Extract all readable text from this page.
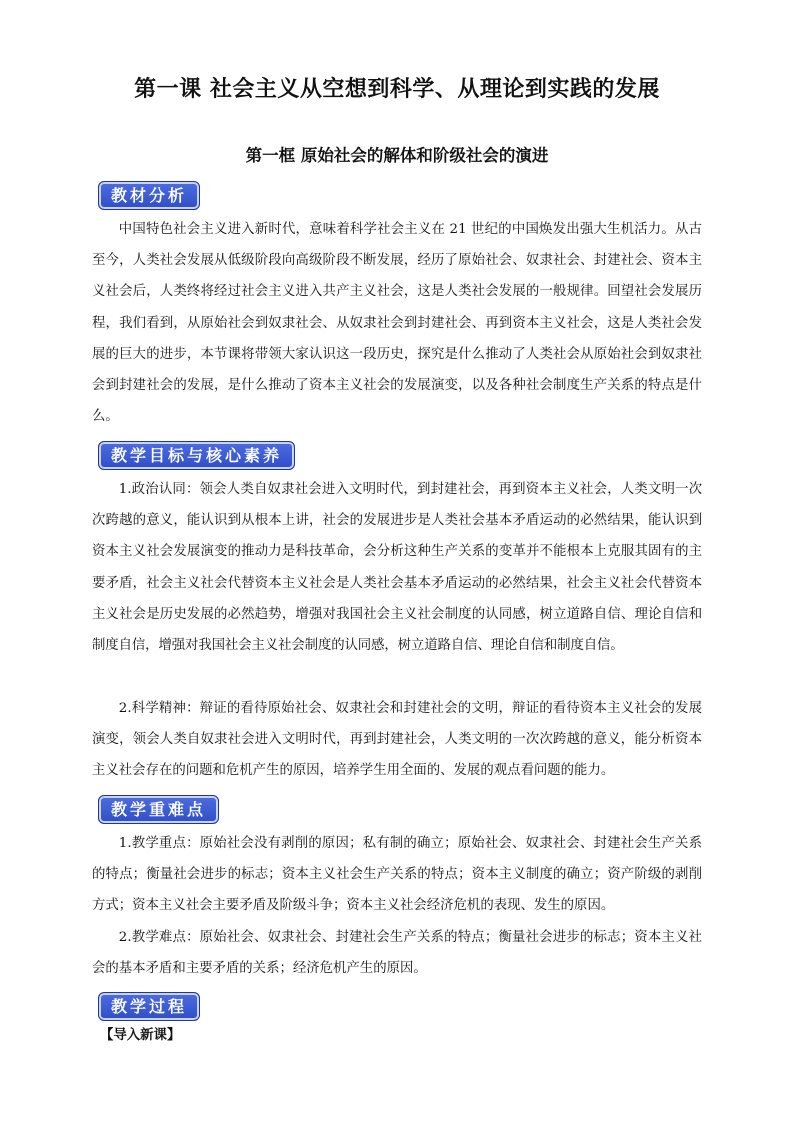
第一课 社会主义从空想到科学、从理论到实践的发展
第一框 原始社会的解体和阶级社会的演进
教材分析
中国特色社会主义进入新时代，意味着科学社会主义在 21 世纪的中国焕发出强大生机活力。从古至今，人类社会发展从低级阶段向高级阶段不断发展，经历了原始社会、奴隶社会、封建社会、资本主义社会后，人类终将经过社会主义进入共产主义社会，这是人类社会发展的一般规律。回望社会发展历程，我们看到，从原始社会到奴隶社会、从奴隶社会到封建社会、再到资本主义社会，这是人类社会发展的巨大的进步，本节课将带领大家认识这一段历史，探究是什么推动了人类社会从原始社会到奴隶社会到封建社会的发展，是什么推动了资本主义社会的发展演变，以及各种社会制度生产关系的特点是什么。
教学目标与核心素养
1.政治认同：领会人类自奴隶社会进入文明时代，到封建社会，再到资本主义社会，人类文明一次次跨越的意义，能认识到从根本上讲，社会的发展进步是人类社会基本矛盾运动的必然结果，能认识到资本主义社会发展演变的推动力是科技革命，会分析这种生产关系的变革并不能根本上克服其固有的主要矛盾，社会主义社会代替资本主义社会是人类社会基本矛盾运动的必然结果，社会主义社会代替资本主义社会是历史发展的必然趋势，增强对我国社会主义社会制度的认同感，树立道路自信、理论自信和制度自信，增强对我国社会主义社会制度的认同感，树立道路自信、理论自信和制度自信。
2.科学精神：辩证的看待原始社会、奴隶社会和封建社会的文明，辩证的看待资本主义社会的发展演变，领会人类自奴隶社会进入文明时代，再到封建社会，人类文明的一次次跨越的意义，能分析资本主义社会存在的问题和危机产生的原因，培养学生用全面的、发展的观点看问题的能力。
教学重难点
1.教学重点：原始社会没有剥削的原因；私有制的确立；原始社会、奴隶社会、封建社会生产关系的特点；衡量社会进步的标志；资本主义社会生产关系的特点；资本主义制度的确立；资产阶级的剥削方式；资本主义社会主要矛盾及阶级斗争；资本主义社会经济危机的表现、发生的原因。
2.教学难点：原始社会、奴隶社会、封建社会生产关系的特点；衡量社会进步的标志；资本主义社会的基本矛盾和主要矛盾的关系；经济危机产生的原因。
教学过程
【导入新课】
